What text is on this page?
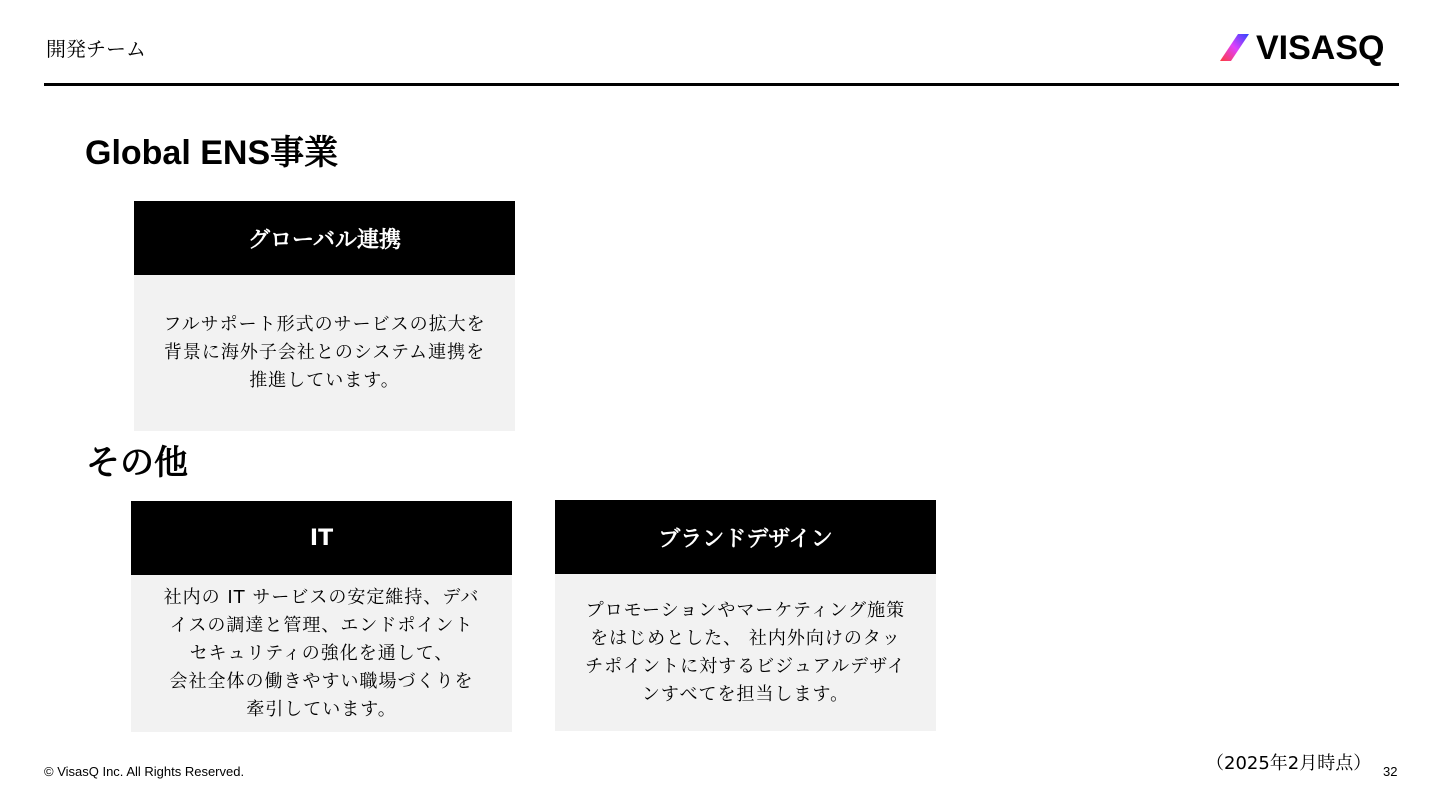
開発チーム	VISASQ
Global ENS事業
グローバル連携
フルサポート形式のサービスの拡大を
背景に海外子会社とのシステム連携を
推進しています。
その他
IT
社内の IT サービスの安定維持、デバ
イスの調達と管理、エンドポイント
セキュリティの強化を通して、
会社全体の働きやすい職場づくりを
牽引しています。
ブランドデザイン
プロモーションやマーケティング施策
をはじめとした、 社内外向けのタッ
チポイントに対するビジュアルデザイ
ンすべてを担当します。
© VisasQ Inc. All Rights Reserved.	（2025年2月時点） 32
